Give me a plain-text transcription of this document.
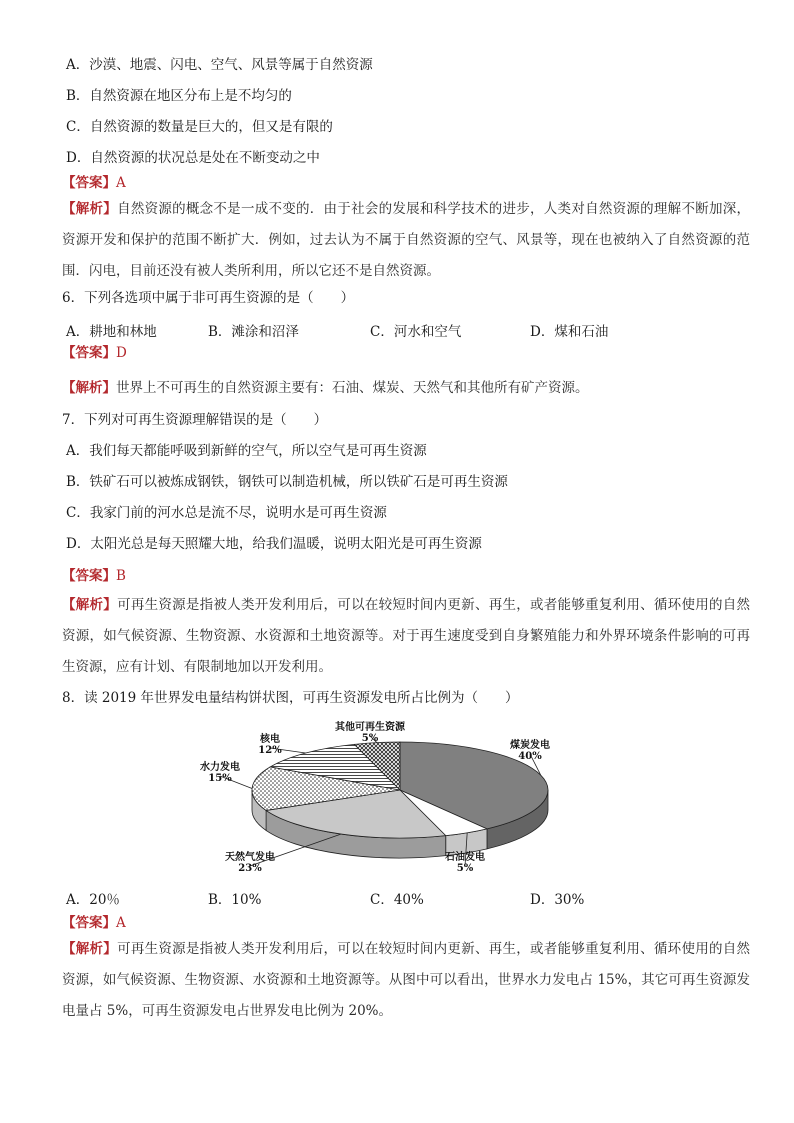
A．沙漠、地震、闪电、空气、风景等属于自然资源
B．自然资源在地区分布上是不均匀的
C．自然资源的数量是巨大的，但又是有限的
D．自然资源的状况总是处在不断变动之中
【答案】A
【解析】自然资源的概念不是一成不变的．由于社会的发展和科学技术的进步，人类对自然资源的理解不断加深，资源开发和保护的范围不断扩大．例如，过去认为不属于自然资源的空气、风景等，现在也被纳入了自然资源的范围．闪电，目前还没有被人类所利用，所以它还不是自然资源。
6．下列各选项中属于非可再生资源的是（　　）
A．耕地和林地	B．滩涂和沼泽	C．河水和空气	D．煤和石油
【答案】D
【解析】世界上不可再生的自然资源主要有：石油、煤炭、天然气和其他所有矿产资源。
7．下列对可再生资源理解错误的是（　　）
A．我们每天都能呼吸到新鲜的空气，所以空气是可再生资源
B．铁矿石可以被炼成钢铁，钢铁可以制造机械，所以铁矿石是可再生资源
C．我家门前的河水总是流不尽，说明水是可再生资源
D．太阳光总是每天照耀大地，给我们温暖，说明太阳光是可再生资源
【答案】B
【解析】可再生资源是指被人类开发利用后，可以在较短时间内更新、再生，或者能够重复利用、循环使用的自然资源，如气候资源、生物资源、水资源和土地资源等。对于再生速度受到自身繁殖能力和外界环境条件影响的可再生资源，应有计划、有限制地加以开发利用。
8．读 2019 年世界发电量结构饼状图，可再生资源发电所占比例为（　　）
煤炭发电
40%
石油发电
5%
天然气发电
23%
水力发电
15%
核电
12%
其他可再生资源
5%
A．20％	B．10%	C．40%	D．30%
【答案】A
【解析】可再生资源是指被人类开发利用后，可以在较短时间内更新、再生，或者能够重复利用、循环使用的自然资源，如气候资源、生物资源、水资源和土地资源等。从图中可以看出，世界水力发电占 15%，其它可再生资源发电量占 5%，可再生资源发电占世界发电比例为 20%。
